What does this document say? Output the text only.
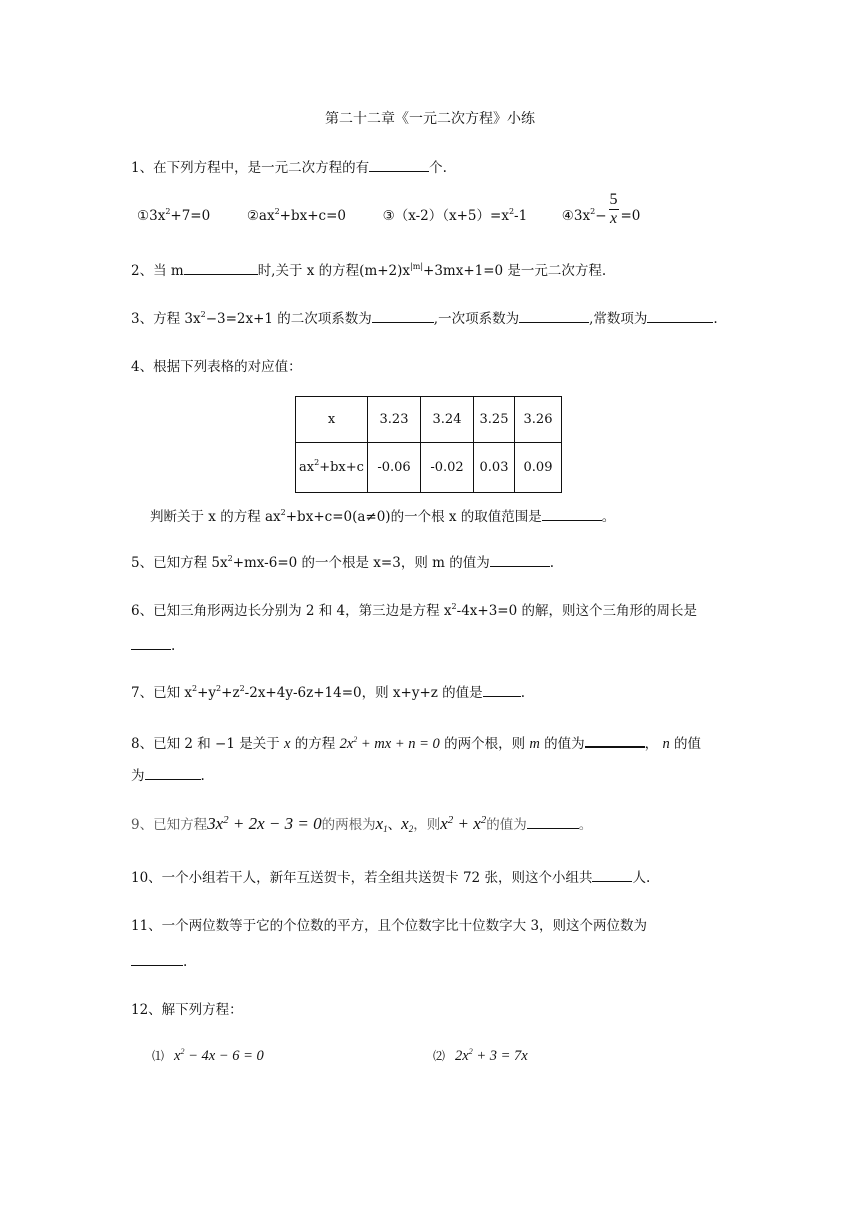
第二十二章《一元二次方程》小练
1、在下列方程中，是一元二次方程的有	个.
$①3x^2+7=0$	$②ax^2+bx+c=0$	$③(x-2)(x+5)=x^2-1$	$④3x^2- \frac{5}{x} =0$
2、当 m	时,关于 x 的方程$(m+2)x^{|m|}+3mx+1=0$ 是一元二次方程.
3、方程 $3x^2-3=2x+1$ 的二次项系数为	,一次项系数为	,常数项为	.
4、根据下列表格的对应值：
x	3.23	3.24	3.25	3.26
$ax^2+bx+c$	-0.06	-0.02	0.03	0.09
判断关于 x 的方程 $ax^2+bx+c=0(a\ne 0)$的一个根 x 的取值范围是	。
5、已知方程 $5x^2+mx-6=0$ 的一个根是 x=3，则 m 的值为	.
6、已知三角形两边长分别为 2 和 4，第三边是方程 $x^2-4x+3=0$ 的解，则这个三角形的周长是
.
7、已知 $x^2+y^2+z^2-2x+4y-6z+14=0$，则 x+y+z 的值是	.
8、已知 2 和 −1 是关于 x 的方程 $2x^2$ + mx + n = 0 的两个根，则 m 的值为	， n 的值
为	.
9、已知方程$3x^2 + 2x - 3 = 0$的两根为$x_1$、$x_2$，则$x^2 + x^2$的值为	。
10、一个小组若干人，新年互送贺卡，若全组共送贺卡 72 张，则这个小组共	人.
11、一个两位数等于它的个位数的平方，且个位数字比十位数字大 3，则这个两位数为
.
12、解下列方程：
⑴ $x^2 - 4x - 6 = 0$	⑵ $2x^2 + 3 = 7x$
